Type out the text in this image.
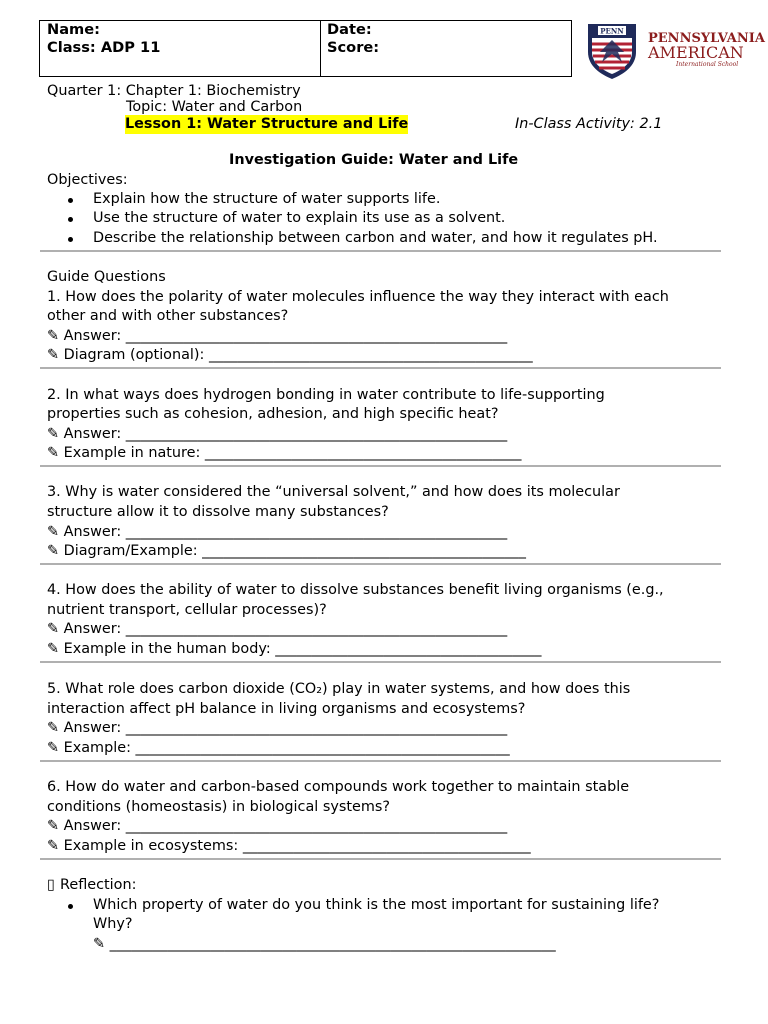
Name:
Class: ADP 11
Date:
Score:
PENN PENNSYLVANIA
AMERICAN
International School
Quarter 1: Chapter 1: Biochemistry
Topic: Water and Carbon
Lesson 1: Water Structure and Life	In-Class Activity: 2.1
Investigation Guide: Water and Life
Objectives:
Explain how the structure of water supports life.
Use the structure of water to explain its use as a solvent.
Describe the relationship between carbon and water, and how it regulates pH.
Guide Questions
1. How does the polarity of water molecules influence the way they interact with each
other and with other substances?
✎ Answer: _____________________________________________________
✎ Diagram (optional): _____________________________________________
2. In what ways does hydrogen bonding in water contribute to life-supporting
properties such as cohesion, adhesion, and high specific heat?
✎ Answer: _____________________________________________________
✎ Example in nature: ____________________________________________
3. Why is water considered the “universal solvent,” and how does its molecular
structure allow it to dissolve many substances?
✎ Answer: _____________________________________________________
✎ Diagram/Example: _____________________________________________
4. How does the ability of water to dissolve substances benefit living organisms (e.g.,
nutrient transport, cellular processes)?
✎ Answer: _____________________________________________________
✎ Example in the human body: _____________________________________
5. What role does carbon dioxide (CO₂) play in water systems, and how does this
interaction affect pH balance in living organisms and ecosystems?
✎ Answer: _____________________________________________________
✎ Example: ____________________________________________________
6. How do water and carbon-based compounds work together to maintain stable
conditions (homeostasis) in biological systems?
✎ Answer: _____________________________________________________
✎ Example in ecosystems: ________________________________________
▯ Reflection:
Which property of water do you think is the most important for sustaining life?
Why?
✎ ______________________________________________________________
